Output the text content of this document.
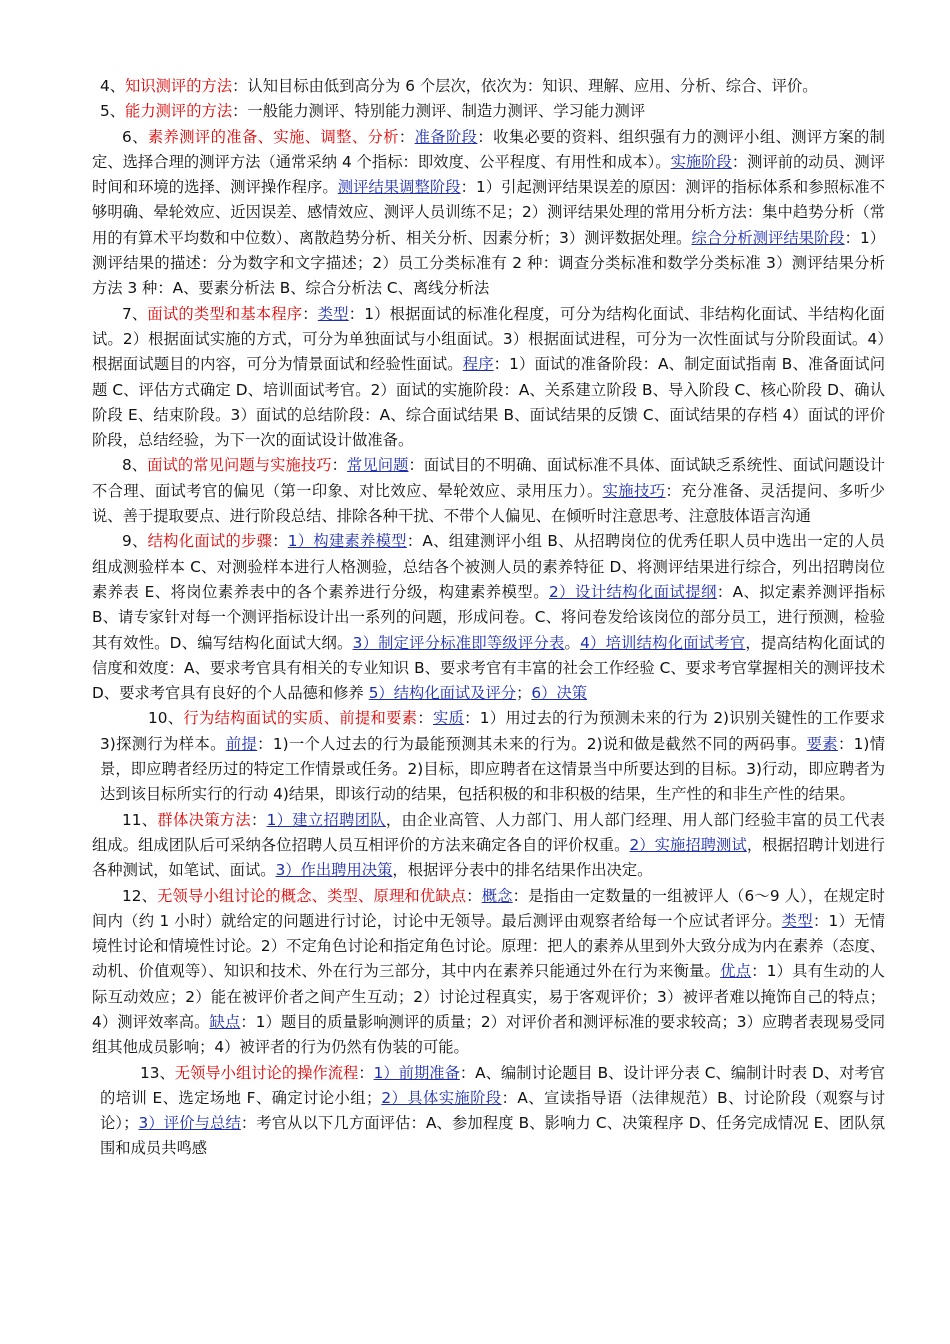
4、知识测评的方法：认知目标由低到高分为 6 个层次，依次为：知识、理解、应用、分析、综合、评价。

5、能力测评的方法：一般能力测评、特别能力测评、制造力测评、学习能力测评

6、素养测评的准备、实施、调整、分析：准备阶段：收集必要的资料、组织强有力的测评小组、测评方案的制定、选择合理的测评方法（通常采纳 4 个指标：即效度、公平程度、有用性和成本）。实施阶段：测评前的动员、测评时间和环境的选择、测评操作程序。测评结果调整阶段：1）引起测评结果误差的原因：测评的指标体系和参照标准不够明确、晕轮效应、近因误差、感情效应、测评人员训练不足；2）测评结果处理的常用分析方法：集中趋势分析（常用的有算术平均数和中位数）、离散趋势分析、相关分析、因素分析；3）测评数据处理。综合分析测评结果阶段：1）测评结果的描述：分为数字和文字描述；2）员工分类标准有 2 种：调查分类标准和数学分类标准 3）测评结果分析方法 3 种：A、要素分析法 B、综合分析法 C、离线分析法

7、面试的类型和基本程序：类型：1）根据面试的标准化程度，可分为结构化面试、非结构化面试、半结构化面试。2）根据面试实施的方式，可分为单独面试与小组面试。3）根据面试进程，可分为一次性面试与分阶段面试。4）根据面试题目的内容，可分为情景面试和经验性面试。程序：1）面试的准备阶段：A、制定面试指南 B、准备面试问题 C、评估方式确定 D、培训面试考官。2）面试的实施阶段：A、关系建立阶段 B、导入阶段 C、核心阶段 D、确认阶段 E、结束阶段。3）面试的总结阶段：A、综合面试结果 B、面试结果的反馈 C、面试结果的存档 4）面试的评价阶段，总结经验，为下一次的面试设计做准备。

8、面试的常见问题与实施技巧：常见问题：面试目的不明确、面试标准不具体、面试缺乏系统性、面试问题设计不合理、面试考官的偏见（第一印象、对比效应、晕轮效应、录用压力）。实施技巧：充分准备、灵活提问、多听少说、善于提取要点、进行阶段总结、排除各种干扰、不带个人偏见、在倾听时注意思考、注意肢体语言沟通

9、结构化面试的步骤：1）构建素养模型：A、组建测评小组 B、从招聘岗位的优秀任职人员中选出一定的人员组成测验样本 C、对测验样本进行人格测验，总结各个被测人员的素养特征 D、将测评结果进行综合，列出招聘岗位素养表 E、将岗位素养表中的各个素养进行分级，构建素养模型。2）设计结构化面试提纲：A、拟定素养测评指标 B、请专家针对每一个测评指标设计出一系列的问题，形成问卷。C、将问卷发给该岗位的部分员工，进行预测，检验其有效性。D、编写结构化面试大纲。3）制定评分标准即等级评分表。4）培训结构化面试考官，提高结构化面试的信度和效度：A、要求考官具有相关的专业知识 B、要求考官有丰富的社会工作经验 C、要求考官掌握相关的测评技术 D、要求考官具有良好的个人品德和修养 5）结构化面试及评分；6）决策

10、行为结构面试的实质、前提和要素：实质：1）用过去的行为预测未来的行为 2)识别关键性的工作要求 3)探测行为样本。前提：1)一个人过去的行为最能预测其未来的行为。2)说和做是截然不同的两码事。要素：1)情景，即应聘者经历过的特定工作情景或任务。2)目标，即应聘者在这情景当中所要达到的目标。3)行动，即应聘者为达到该目标所实行的行动 4)结果，即该行动的结果，包括积极的和非积极的结果，生产性的和非生产性的结果。

11、群体决策方法：1）建立招聘团队，由企业高管、人力部门、用人部门经理、用人部门经验丰富的员工代表组成。组成团队后可采纳各位招聘人员互相评价的方法来确定各自的评价权重。2）实施招聘测试，根据招聘计划进行各种测试，如笔试、面试。3）作出聘用决策，根据评分表中的排名结果作出决定。

12、无领导小组讨论的概念、类型、原理和优缺点：概念：是指由一定数量的一组被评人（6～9 人），在规定时间内（约 1 小时）就给定的问题进行讨论，讨论中无领导。最后测评由观察者给每一个应试者评分。类型：1）无情境性讨论和情境性讨论。2）不定角色讨论和指定角色讨论。原理：把人的素养从里到外大致分成为内在素养（态度、动机、价值观等）、知识和技术、外在行为三部分，其中内在素养只能通过外在行为来衡量。优点：1）具有生动的人际互动效应；2）能在被评价者之间产生互动；2）讨论过程真实，易于客观评价；3）被评者难以掩饰自己的特点；4）测评效率高。缺点：1）题目的质量影响测评的质量；2）对评价者和测评标准的要求较高；3）应聘者表现易受同组其他成员影响；4）被评者的行为仍然有伪装的可能。

13、无领导小组讨论的操作流程：1）前期准备：A、编制讨论题目 B、设计评分表 C、编制计时表 D、对考官的培训 E、选定场地 F、确定讨论小组；2）具体实施阶段：A、宣读指导语（法律规范）B、讨论阶段（观察与讨论）；3）评价与总结：考官从以下几方面评估：A、参加程度 B、影响力 C、决策程序 D、任务完成情况 E、团队氛围和成员共鸣感
